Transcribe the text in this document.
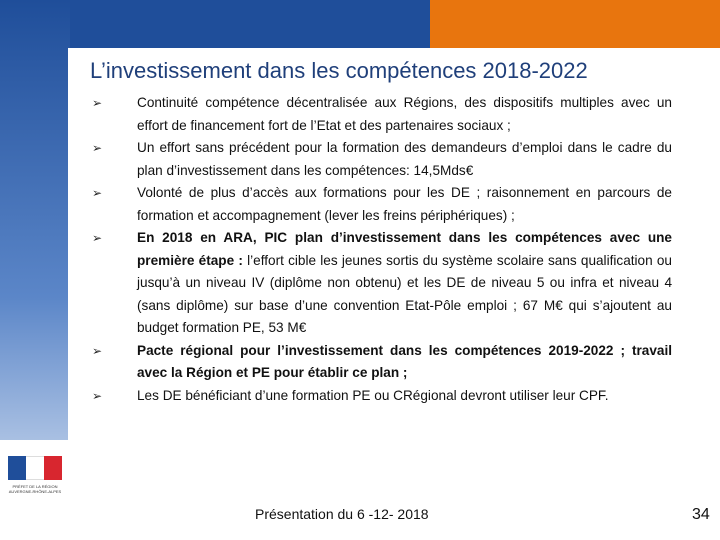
L’investissement dans les compétences 2018-2022
➢	Continuité compétence décentralisée aux Régions, des dispositifs multiples avec un effort de financement fort de l’Etat et des partenaires sociaux ;
➢	Un effort sans précédent pour la formation des demandeurs d’emploi dans le cadre du plan d’investissement dans les compétences: 14,5Mds€
➢	Volonté de plus d’accès aux formations pour les DE ; raisonnement en parcours de formation et accompagnement (lever les freins périphériques) ;
➢	En 2018 en ARA, PIC plan d’investissement dans les compétences avec une première étape : l’effort cible les jeunes sortis du système scolaire sans qualification ou jusqu’à un niveau IV (diplôme non obtenu) et les DE de niveau 5 ou infra et niveau 4 (sans diplôme) sur base d’une convention Etat-Pôle emploi ; 67 M€ qui s’ajoutent au budget formation PE, 53 M€
➢	Pacte régional pour l’investissement dans les compétences 2019-2022 ; travail avec la Région et PE pour établir ce plan ;
➢	Les DE bénéficiant d’une formation PE ou CRégional devront utiliser leur CPF.
PRÉFET DE LA RÉGION AUVERGNE-RHÔNE-ALPES
Présentation du 6 -12- 2018	34
